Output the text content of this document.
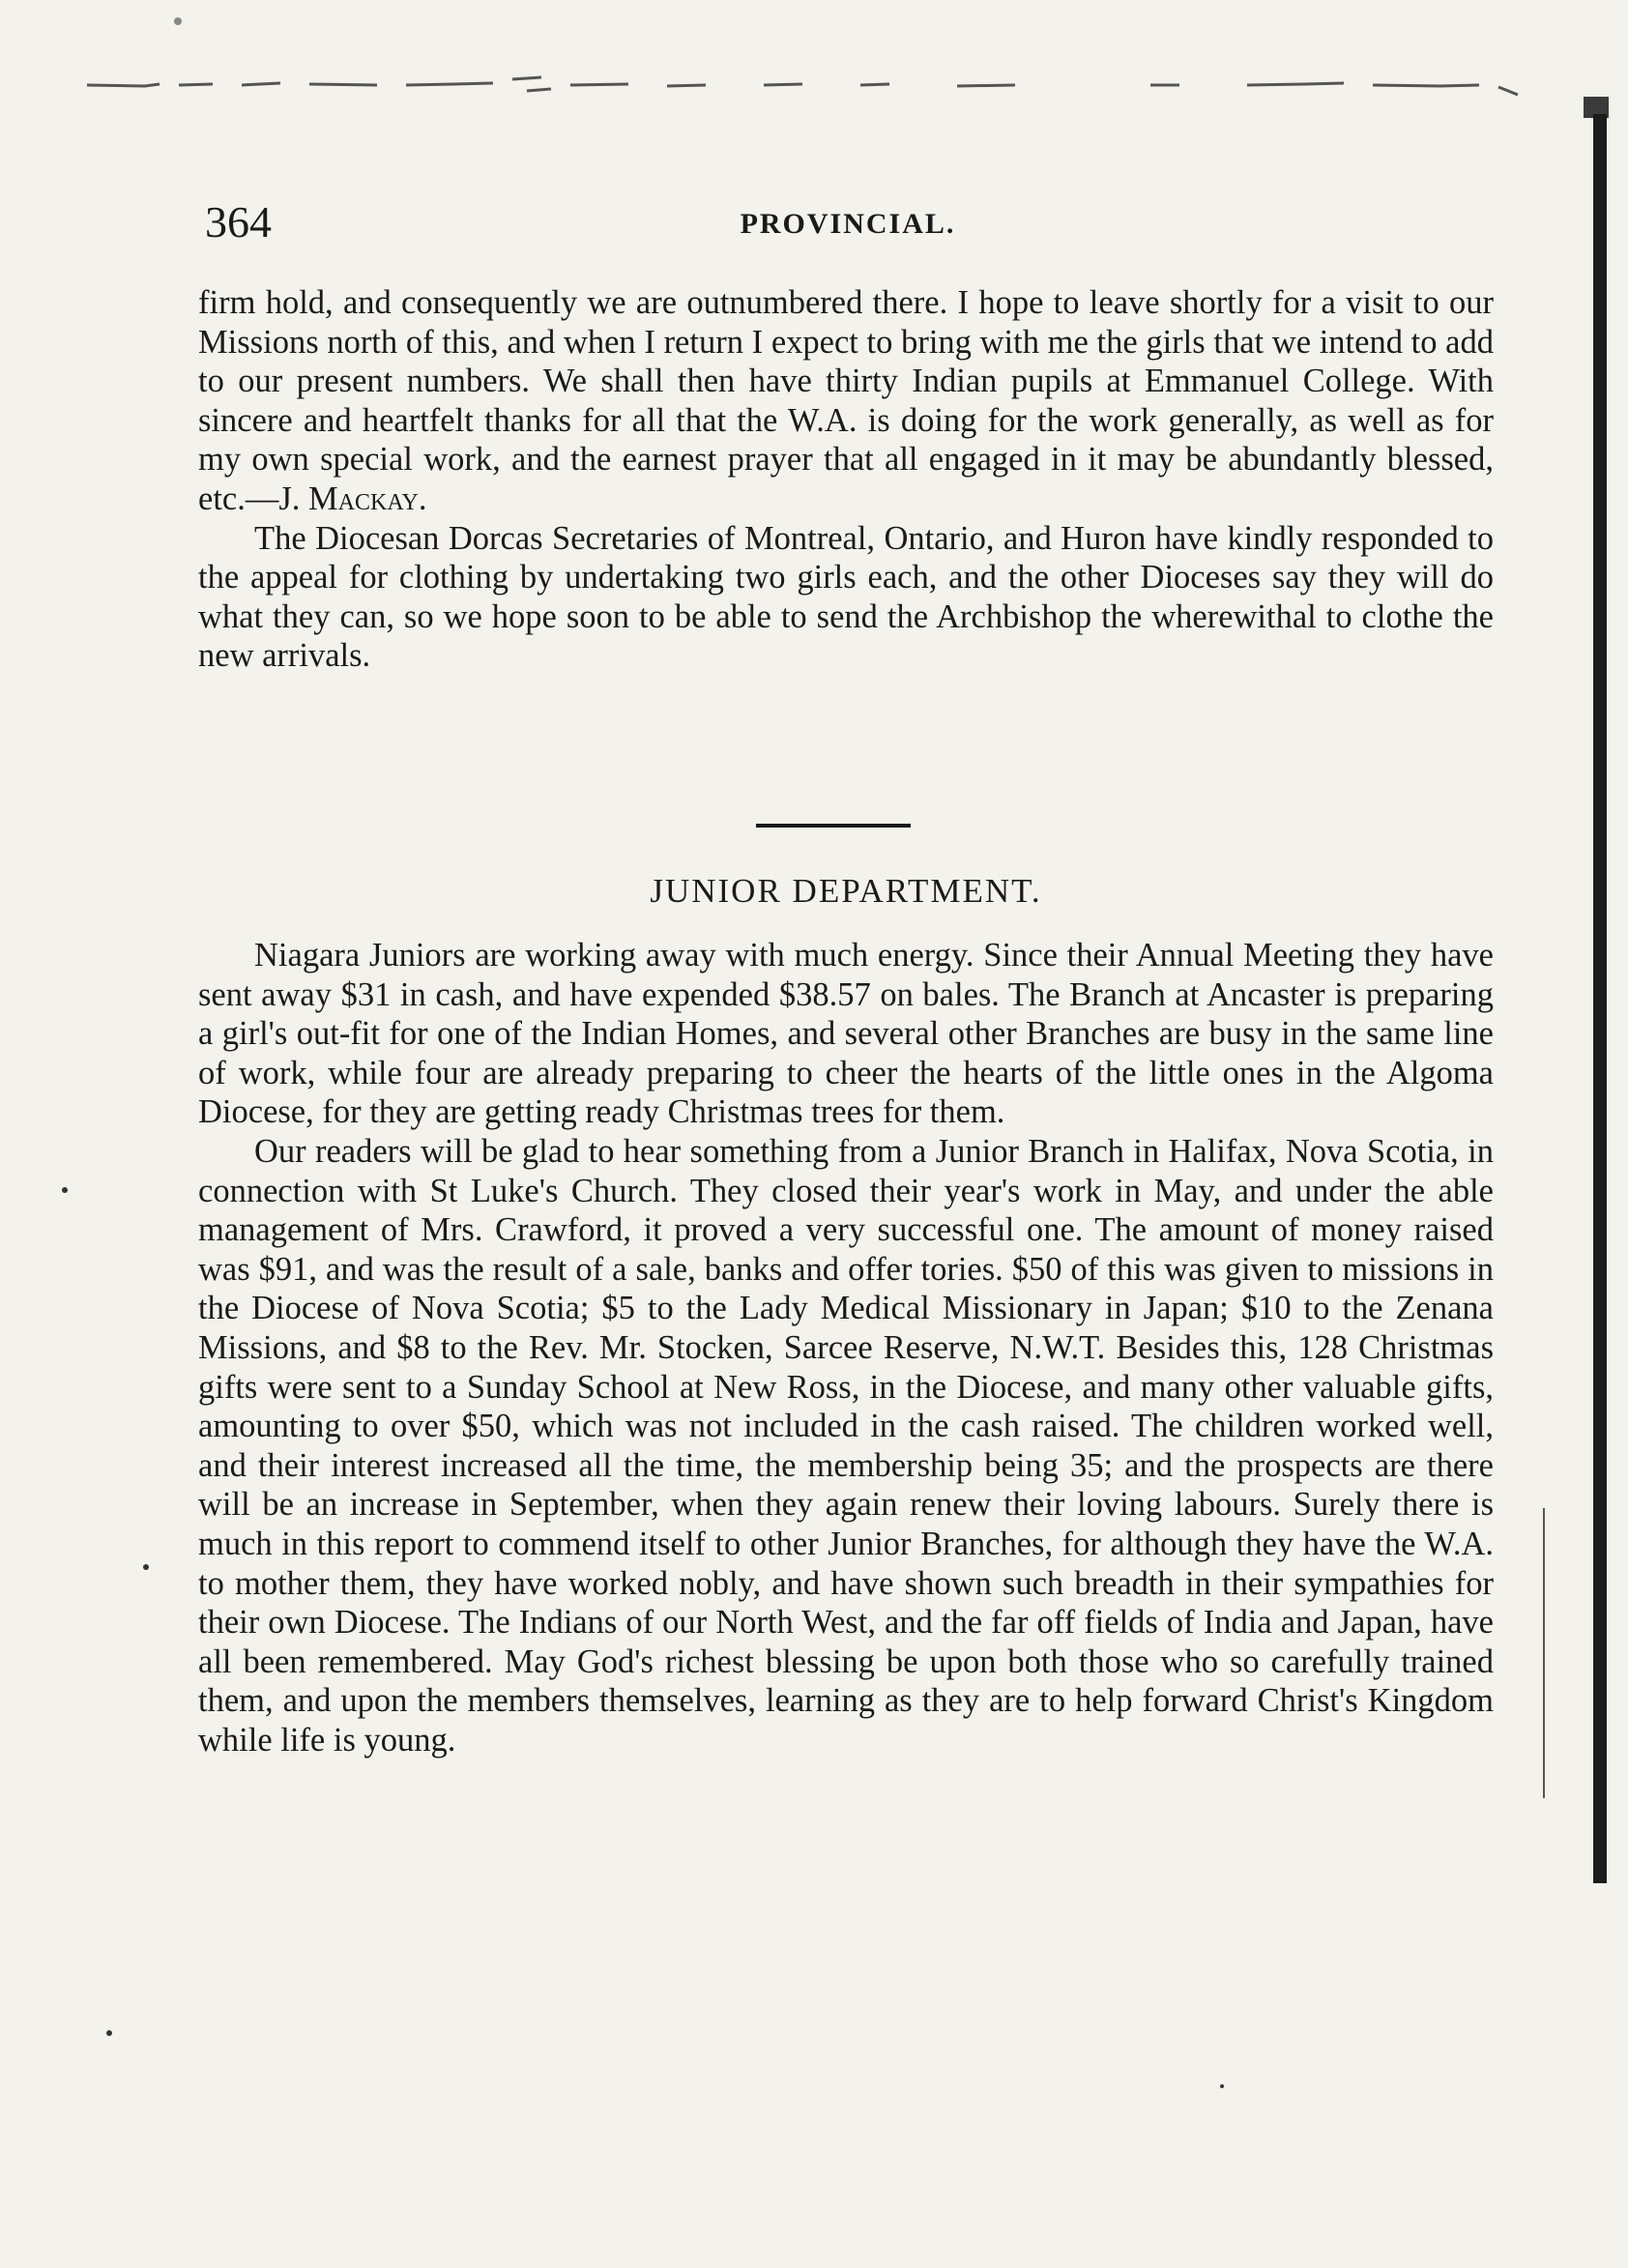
364	PROVINCIAL.

firm hold, and consequently we are outnumbered there. I hope to leave shortly for a visit to our Missions north of this, and when I return I expect to bring with me the girls that we intend to add to our present numbers. We shall then have thirty Indian pupils at Emmanuel College. With sincere and heartfelt thanks for all that the W.A. is doing for the work generally, as well as for my own special work, and the earnest prayer that all engaged in it may be abundantly blessed, etc.—J. Mackay.

The Diocesan Dorcas Secretaries of Montreal, Ontario, and Huron have kindly responded to the appeal for clothing by undertaking two girls each, and the other Dioceses say they will do what they can, so we hope soon to be able to send the Archbishop the wherewithal to clothe the new arrivals.

JUNIOR DEPARTMENT.

Niagara Juniors are working away with much energy. Since their Annual Meeting they have sent away $31 in cash, and have expended $38.57 on bales. The Branch at Ancaster is preparing a girl's out-fit for one of the Indian Homes, and several other Branches are busy in the same line of work, while four are already preparing to cheer the hearts of the little ones in the Algoma Diocese, for they are getting ready Christmas trees for them.

Our readers will be glad to hear something from a Junior Branch in Halifax, Nova Scotia, in connection with St Luke's Church. They closed their year's work in May, and under the able management of Mrs. Crawford, it proved a very successful one. The amount of money raised was $91, and was the result of a sale, banks and offer tories. $50 of this was given to missions in the Diocese of Nova Scotia; $5 to the Lady Medical Missionary in Japan; $10 to the Zenana Missions, and $8 to the Rev. Mr. Stocken, Sarcee Reserve, N.W.T. Besides this, 128 Christmas gifts were sent to a Sunday School at New Ross, in the Diocese, and many other valuable gifts, amounting to over $50, which was not included in the cash raised. The children worked well, and their interest increased all the time, the membership being 35; and the prospects are there will be an increase in September, when they again renew their loving labours. Surely there is much in this report to commend itself to other Junior Branches, for although they have the W.A. to mother them, they have worked nobly, and have shown such breadth in their sympathies for their own Diocese. The Indians of our North West, and the far off fields of India and Japan, have all been remembered. May God's richest blessing be upon both those who so carefully trained them, and upon the members themselves, learning as they are to help forward Christ's Kingdom while life is young.
